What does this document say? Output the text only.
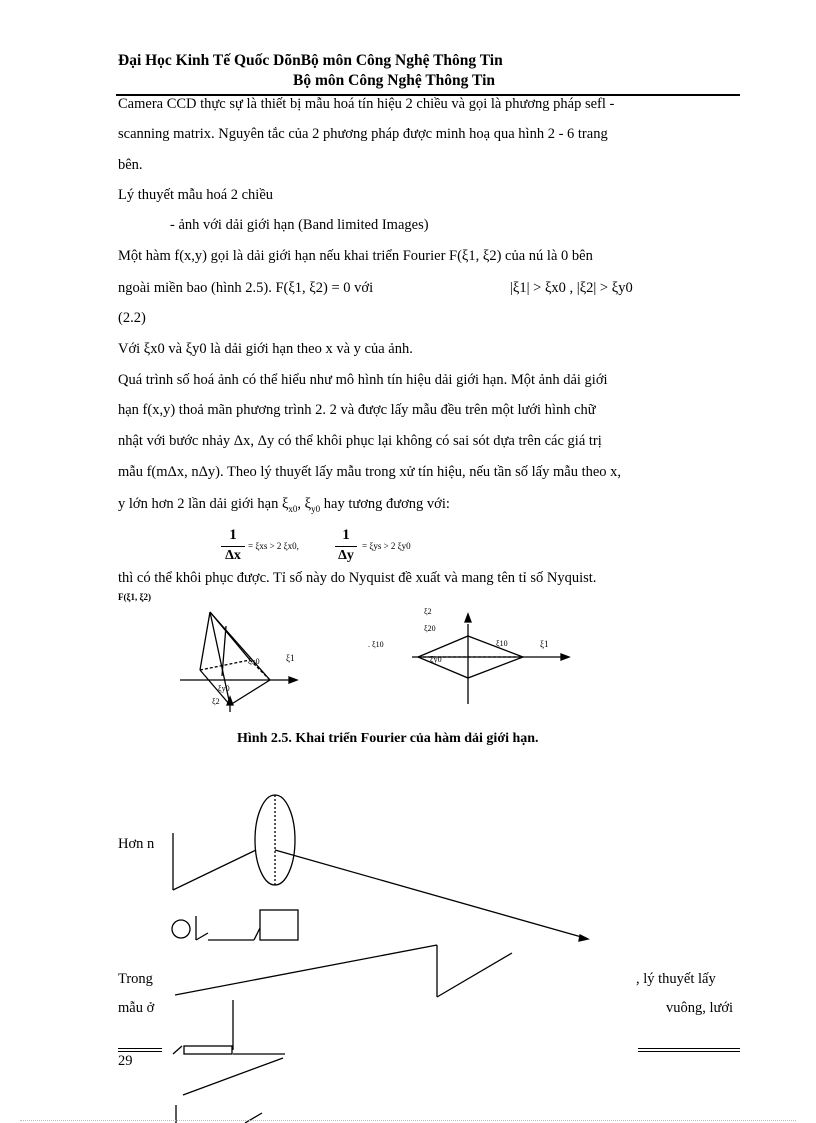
Đại Học Kinh Tế Quốc DõnBộ môn Công Nghệ Thông Tin
Bộ môn Công Nghệ Thông Tin
Camera CCD thực sự là thiết bị mẫu hoá tín hiệu 2 chiều và gọi là phương pháp sefl -
scanning matrix. Nguyên tắc của 2 phương pháp được minh hoạ qua hình 2 - 6 trang
bên.
Lý thuyết mẫu hoá 2 chiều
- ảnh với dải giới hạn (Band limited Images)
Một hàm f(x,y) gọi là dải giới hạn nếu khai triển Fourier F(ξ1, ξ2) của nú là 0 bên
ngoài miền bao (hình 2.5). F(ξ1, ξ2) = 0 với	|ξ1| > ξx0 , |ξ2| > ξy0
(2.2)
Với ξx0 và ξy0 là dải giới hạn theo x và y của ảnh.
Quá trình số hoá ảnh có thể hiểu như mô hình tín hiệu dải giới hạn. Một ảnh dải giới
hạn f(x,y) thoả mãn phương trình 2. 2 và được lấy mẫu đều trên một lưới hình chữ
nhật với bước nhảy Δx, Δy có thể khôi phục lại không có sai sót dựa trên các giá trị
mẫu f(mΔx, nΔy). Theo lý thuyết lấy mẫu trong xử tín hiệu, nếu tần số lấy mẫu theo x,
y lớn hơn 2 lần dải giới hạn $\xi_{x0}$, $\xi_{y0}$ hay tương đương với:
1
Δx
= ξxs > 2 ξx0,
1
Δy
= ξys > 2 ξy0
thì có thể khôi phục được. Tỉ số này do Nyquist đề xuất và mang tên tỉ số Nyquist.
F(ξ1, ξ2)
ξ1
ξx0
ξy0
ξ2
ξ2
ξ20
. ξ10	ξ10	ξ1
ξy0
Hình 2.5. Khai triển Fourier của hàm dải giới hạn.
Hơn n
Trong	, lý thuyết lấy
mẫu ở	vuông, lưới
29
